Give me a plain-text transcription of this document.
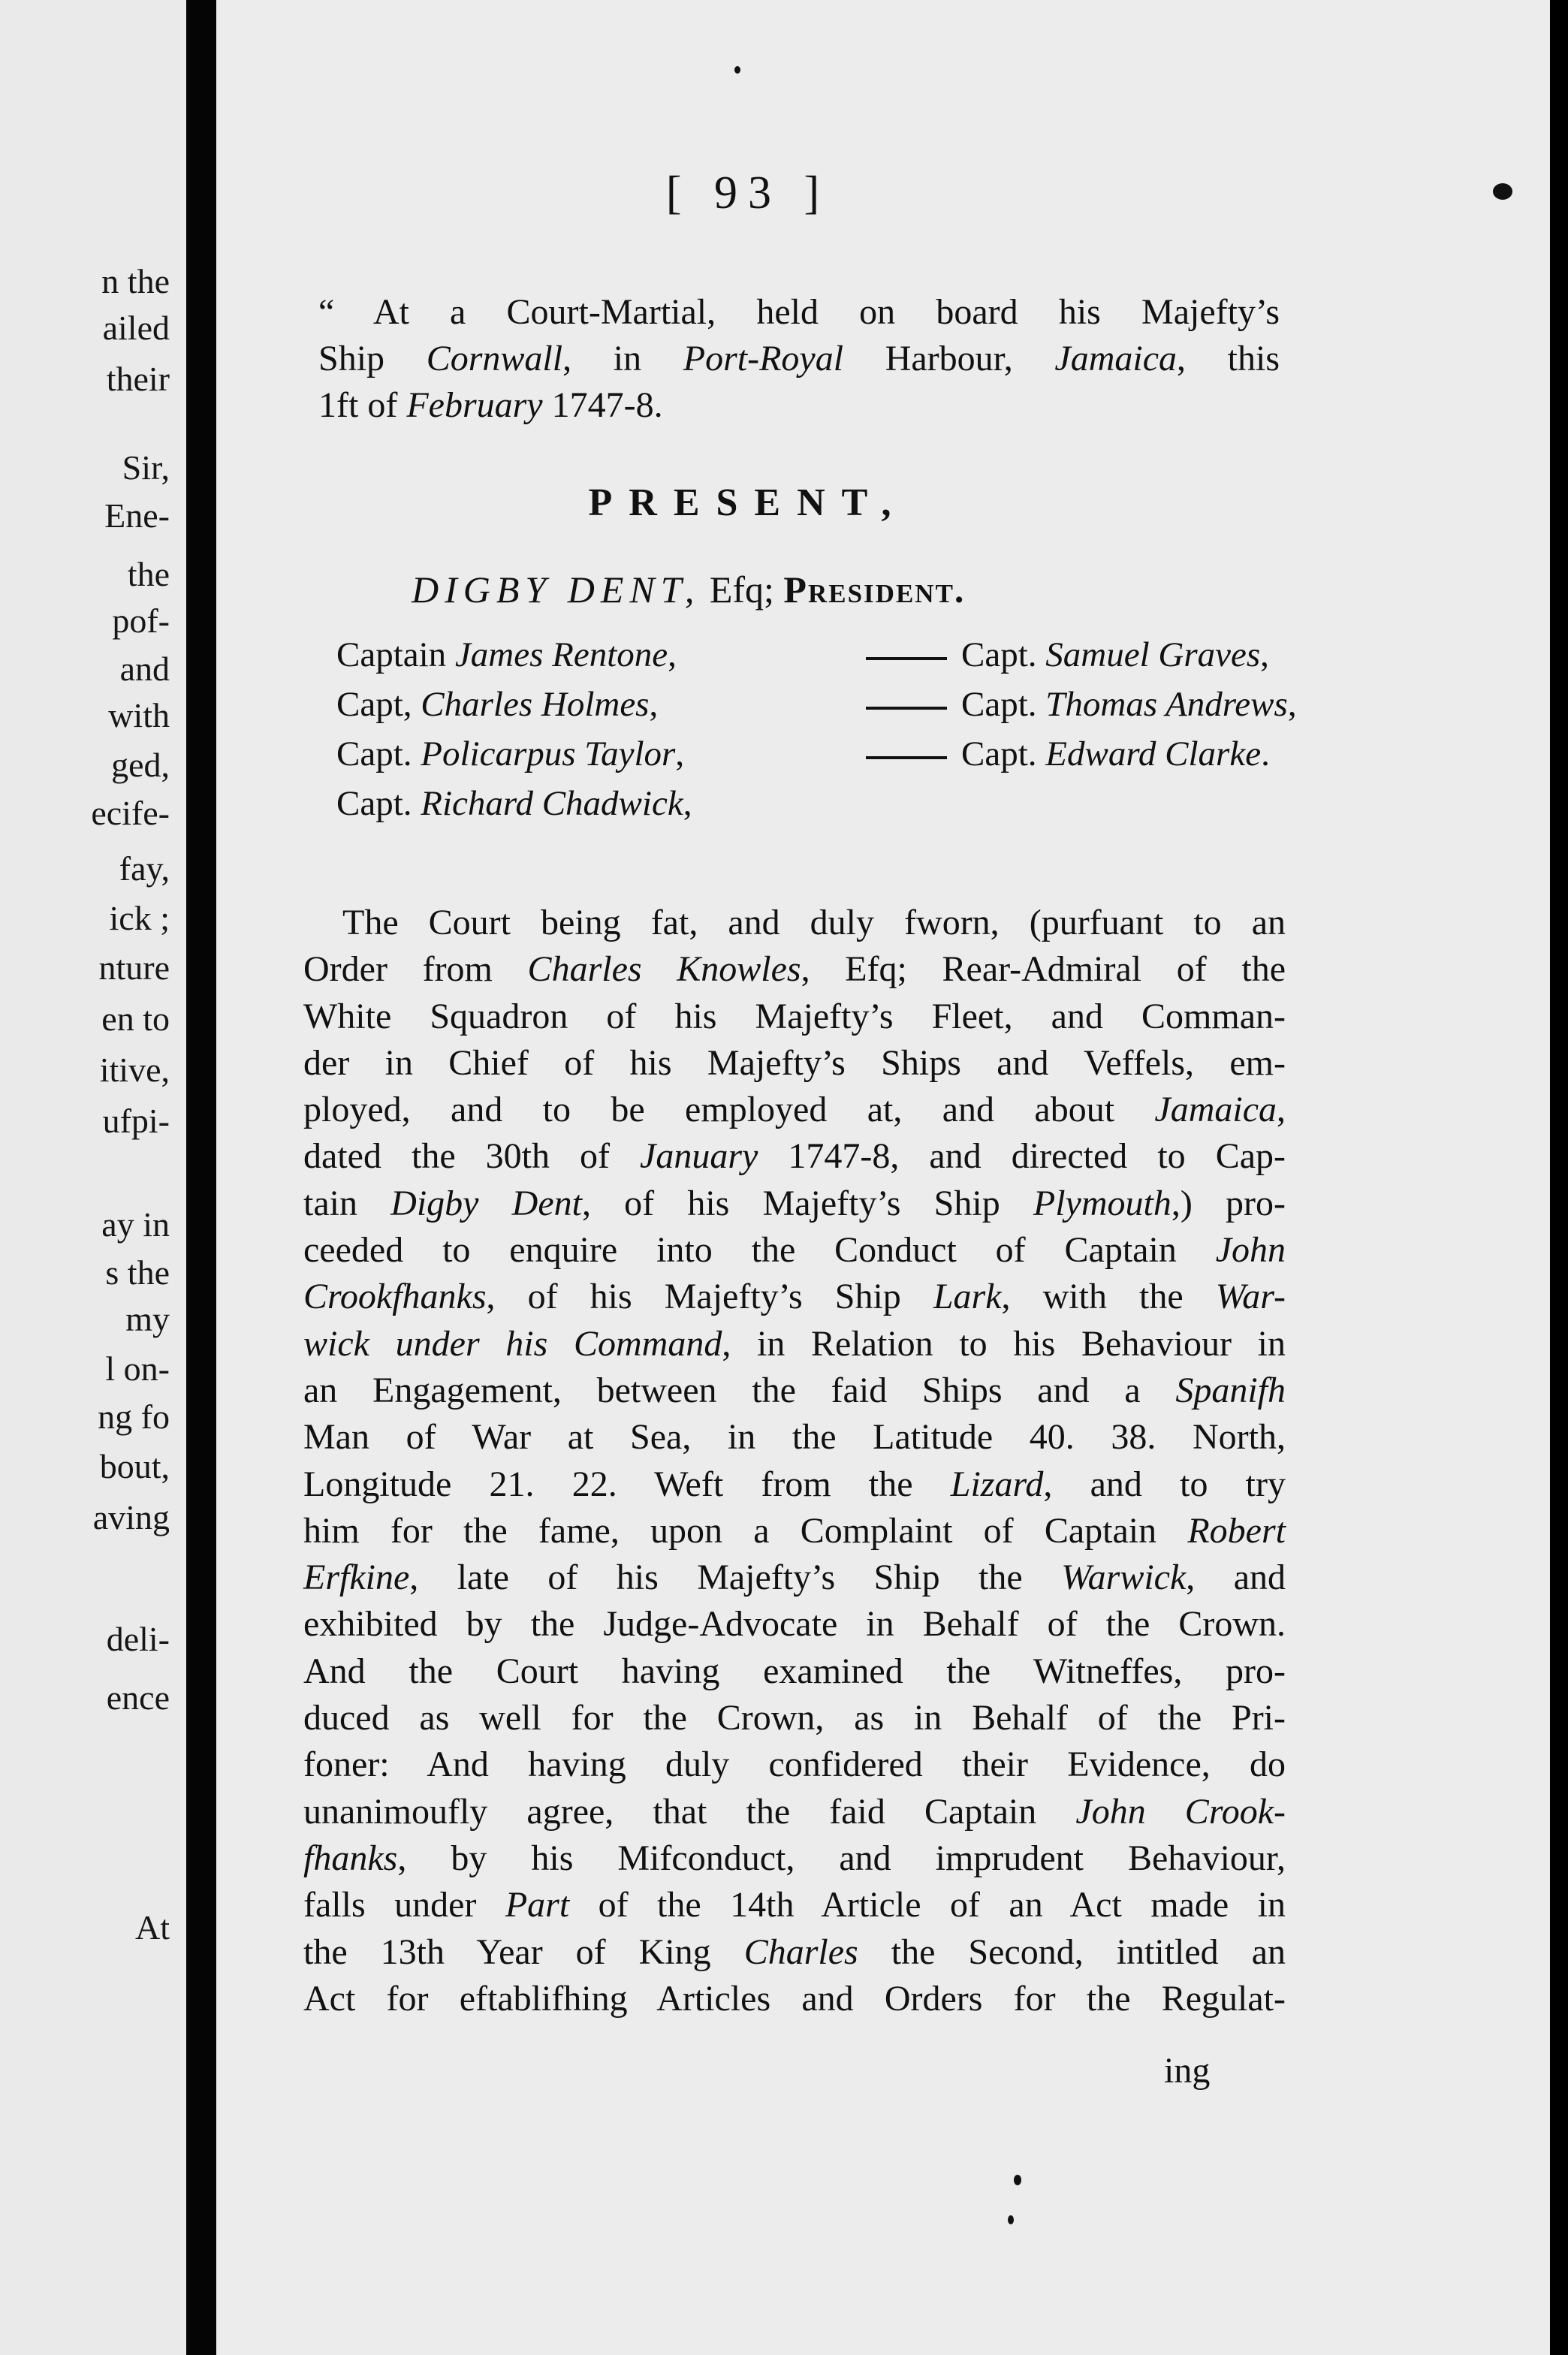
n the
ailed
their
Sir,
Ene-
the
pof-
and
with
ged,
ecife-
fay,
ick ;
nture
en to
itive,
ufpi-
ay in
s the
my
l on-
ng fo
bout,
aving
deli-
ence
At
[ 93 ]
“ At a Court-Martial, held on board his Majefty’s
Ship Cornwall, in Port-Royal Harbour, Jamaica, this
1ft of February 1747-8.
PRESENT,
DIGBY DENT, Efq; President.
Captain James Rentone,	Capt. Samuel Graves,
Capt, Charles Holmes,	Capt. Thomas Andrews,
Capt. Policarpus Taylor,	Capt. Edward Clarke.
Capt. Richard Chadwick,
The Court being fat, and duly fworn, (purfuant to an
Order from Charles Knowles, Efq; Rear-Admiral of the
White Squadron of his Majefty’s Fleet, and Comman-
der in Chief of his Majefty’s Ships and Veffels, em-
ployed, and to be employed at, and about Jamaica,
dated the 30th of January 1747-8, and directed to Cap-
tain Digby Dent, of his Majefty’s Ship Plymouth,) pro-
ceeded to enquire into the Conduct of Captain John
Crookfhanks, of his Majefty’s Ship Lark, with the War-
wick under his Command, in Relation to his Behaviour in
an Engagement, between the faid Ships and a Spanifh
Man of War at Sea, in the Latitude 40. 38. North,
Longitude 21. 22. Weft from the Lizard, and to try
him for the fame, upon a Complaint of Captain Robert
Erfkine, late of his Majefty’s Ship the Warwick, and
exhibited by the Judge-Advocate in Behalf of the Crown.
And the Court having examined the Witneffes, pro-
duced as well for the Crown, as in Behalf of the Pri-
foner: And having duly confidered their Evidence, do
unanimoufly agree, that the faid Captain John Crook-
fhanks, by his Mifconduct, and imprudent Behaviour,
falls under Part of the 14th Article of an Act made in
the 13th Year of King Charles the Second, intitled an
Act for eftablifhing Articles and Orders for the Regulat-
ing
